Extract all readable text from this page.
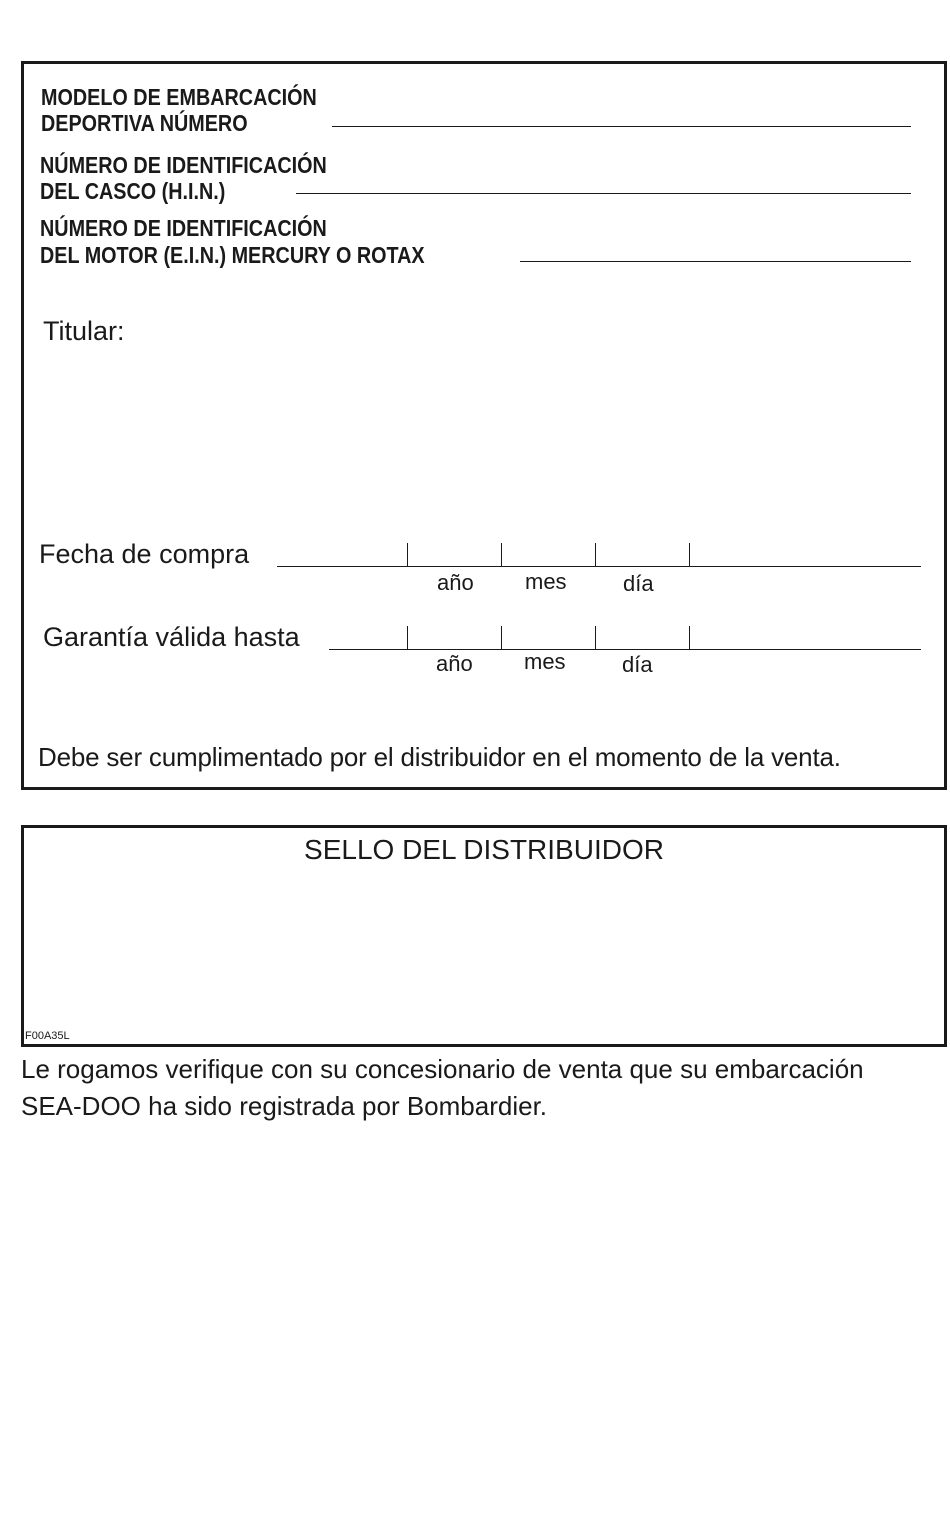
MODELO DE EMBARCACIÓN
DEPORTIVA NÚMERO
NÚMERO DE IDENTIFICACIÓN
DEL CASCO (H.I.N.)
NÚMERO DE IDENTIFICACIÓN
DEL MOTOR (E.I.N.) MERCURY O ROTAX
Titular:
Fecha de compra
año mes	día
Garantía válida hasta
año mes	día
Debe ser cumplimentado por el distribuidor en el momento de la venta.
SELLO DEL DISTRIBUIDOR
F00A35L
Le rogamos verifique con su concesionario de venta que su embarcación
SEA-DOO ha sido registrada por Bombardier.
